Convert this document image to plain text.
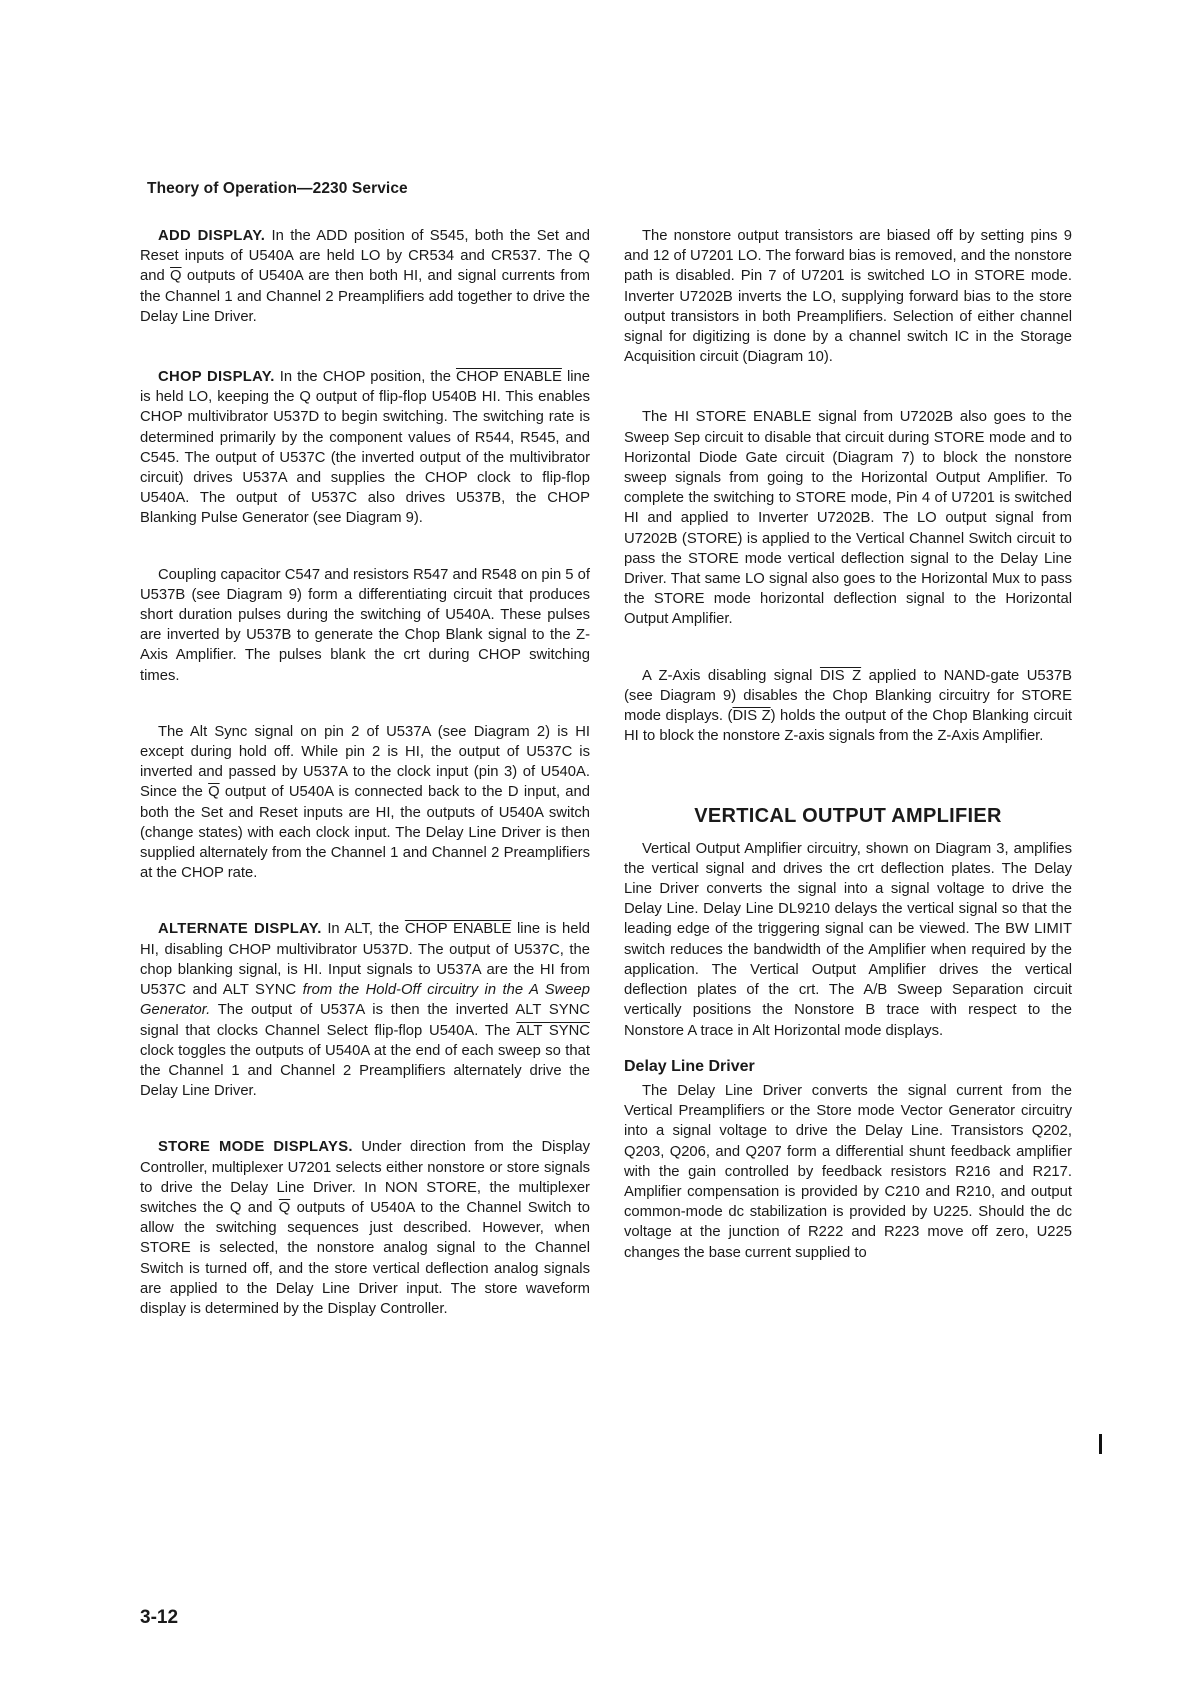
Theory of Operation—2230 Service

ADD DISPLAY. In the ADD position of S545, both the Set and Reset inputs of U540A are held LO by CR534 and CR537. The Q and $\overline{Q}$ outputs of U540A are then both HI, and signal currents from the Channel 1 and Channel 2 Preamplifiers add together to drive the Delay Line Driver.

CHOP DISPLAY. In the CHOP position, the CHOP ENABLE line is held LO, keeping the Q output of flip-flop U540B HI. This enables CHOP multivibrator U537D to begin switching. The switching rate is determined primarily by the component values of R544, R545, and C545. The output of U537C (the inverted output of the multivibrator circuit) drives U537A and supplies the CHOP clock to flip-flop U540A. The output of U537C also drives U537B, the CHOP Blanking Pulse Generator (see Diagram 9).

Coupling capacitor C547 and resistors R547 and R548 on pin 5 of U537B (see Diagram 9) form a differentiating circuit that produces short duration pulses during the switching of U540A. These pulses are inverted by U537B to generate the Chop Blank signal to the Z-Axis Amplifier. The pulses blank the crt during CHOP switching times.

The Alt Sync signal on pin 2 of U537A (see Diagram 2) is HI except during hold off. While pin 2 is HI, the output of U537C is inverted and passed by U537A to the clock input (pin 3) of U540A. Since the $\overline{Q}$ output of U540A is connected back to the D input, and both the Set and Reset inputs are HI, the outputs of U540A switch (change states) with each clock input. The Delay Line Driver is then supplied alternately from the Channel 1 and Channel 2 Preamplifiers at the CHOP rate.

ALTERNATE DISPLAY. In ALT, the CHOP ENABLE line is held HI, disabling CHOP multivibrator U537D. The output of U537C, the chop blanking signal, is HI. Input signals to U537A are the HI from U537C and ALT SYNC from the Hold-Off circuitry in the A Sweep Generator. The output of U537A is then the inverted ALT SYNC signal that clocks Channel Select flip-flop U540A. The ALT SYNC clock toggles the outputs of U540A at the end of each sweep so that the Channel 1 and Channel 2 Preamplifiers alternately drive the Delay Line Driver.

STORE MODE DISPLAYS. Under direction from the Display Controller, multiplexer U7201 selects either nonstore or store signals to drive the Delay Line Driver. In NON STORE, the multiplexer switches the Q and $\overline{Q}$ outputs of U540A to the Channel Switch to allow the switching sequences just described. However, when STORE is selected, the nonstore analog signal to the Channel Switch is turned off, and the store vertical deflection analog signals are applied to the Delay Line Driver input. The store waveform display is determined by the Display Controller.

The nonstore output transistors are biased off by setting pins 9 and 12 of U7201 LO. The forward bias is removed, and the nonstore path is disabled. Pin 7 of U7201 is switched LO in STORE mode. Inverter U7202B inverts the LO, supplying forward bias to the store output transistors in both Preamplifiers. Selection of either channel signal for digitizing is done by a channel switch IC in the Storage Acquisition circuit (Diagram 10).

The HI STORE ENABLE signal from U7202B also goes to the Sweep Sep circuit to disable that circuit during STORE mode and to Horizontal Diode Gate circuit (Diagram 7) to block the nonstore sweep signals from going to the Horizontal Output Amplifier. To complete the switching to STORE mode, Pin 4 of U7201 is switched HI and applied to Inverter U7202B. The LO output signal from U7202B (STORE) is applied to the Vertical Channel Switch circuit to pass the STORE mode vertical deflection signal to the Delay Line Driver. That same LO signal also goes to the Horizontal Mux to pass the STORE mode horizontal deflection signal to the Horizontal Output Amplifier.

A Z-Axis disabling signal DIS Z applied to NAND-gate U537B (see Diagram 9) disables the Chop Blanking circuitry for STORE mode displays. (DIS Z) holds the output of the Chop Blanking circuit HI to block the nonstore Z-axis signals from the Z-Axis Amplifier.

VERTICAL OUTPUT AMPLIFIER

Vertical Output Amplifier circuitry, shown on Diagram 3, amplifies the vertical signal and drives the crt deflection plates. The Delay Line Driver converts the signal into a signal voltage to drive the Delay Line. Delay Line DL9210 delays the vertical signal so that the leading edge of the triggering signal can be viewed. The BW LIMIT switch reduces the bandwidth of the Amplifier when required by the application. The Vertical Output Amplifier drives the vertical deflection plates of the crt. The A/B Sweep Separation circuit vertically positions the Nonstore B trace with respect to the Nonstore A trace in Alt Horizontal mode displays.

Delay Line Driver

The Delay Line Driver converts the signal current from the Vertical Preamplifiers or the Store mode Vector Generator circuitry into a signal voltage to drive the Delay Line. Transistors Q202, Q203, Q206, and Q207 form a differential shunt feedback amplifier with the gain controlled by feedback resistors R216 and R217. Amplifier compensation is provided by C210 and R210, and output common-mode dc stabilization is provided by U225. Should the dc voltage at the junction of R222 and R223 move off zero, U225 changes the base current supplied to

3-12
